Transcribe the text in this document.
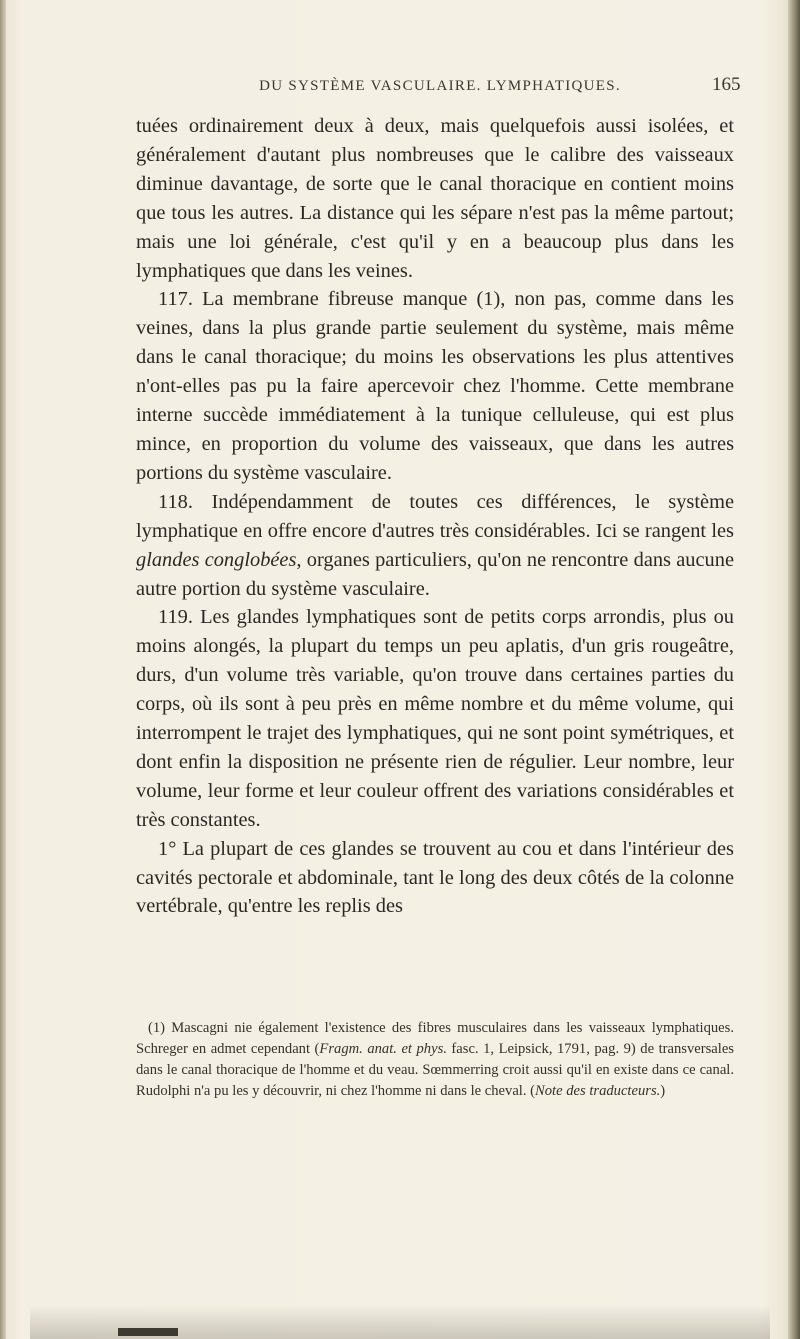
DU SYSTÈME VASCULAIRE. LYMPHATIQUES.	165

tuées ordinairement deux à deux, mais quelquefois aussi isolées, et généralement d'autant plus nombreuses que le calibre des vaisseaux diminue davantage, de sorte que le canal thoracique en contient moins que tous les autres. La distance qui les sépare n'est pas la même partout; mais une loi générale, c'est qu'il y en a beaucoup plus dans les lymphatiques que dans les veines.

117. La membrane fibreuse manque (1), non pas, comme dans les veines, dans la plus grande partie seulement du système, mais même dans le canal thoracique; du moins les observations les plus attentives n'ont-elles pas pu la faire apercevoir chez l'homme. Cette membrane interne succède immédiatement à la tunique celluleuse, qui est plus mince, en proportion du volume des vaisseaux, que dans les autres portions du système vasculaire.

118. Indépendamment de toutes ces différences, le système lymphatique en offre encore d'autres très considérables. Ici se rangent les glandes conglobées, organes particuliers, qu'on ne rencontre dans aucune autre portion du système vasculaire.

119. Les glandes lymphatiques sont de petits corps arrondis, plus ou moins alongés, la plupart du temps un peu aplatis, d'un gris rougeâtre, durs, d'un volume très variable, qu'on trouve dans certaines parties du corps, où ils sont à peu près en même nombre et du même volume, qui interrompent le trajet des lymphatiques, qui ne sont point symétriques, et dont enfin la disposition ne présente rien de régulier. Leur nombre, leur volume, leur forme et leur couleur offrent des variations considérables et très constantes.

1° La plupart de ces glandes se trouvent au cou et dans l'intérieur des cavités pectorale et abdominale, tant le long des deux côtés de la colonne vertébrale, qu'entre les replis des

(1) Mascagni nie également l'existence des fibres musculaires dans les vaisseaux lymphatiques. Schreger en admet cependant (Fragm. anat. et phys. fasc. 1, Leipsick, 1791, pag. 9) de transversales dans le canal thoracique de l'homme et du veau. Sœmmerring croit aussi qu'il en existe dans ce canal. Rudolphi n'a pu les y découvrir, ni chez l'homme ni dans le cheval. (Note des traducteurs.)
